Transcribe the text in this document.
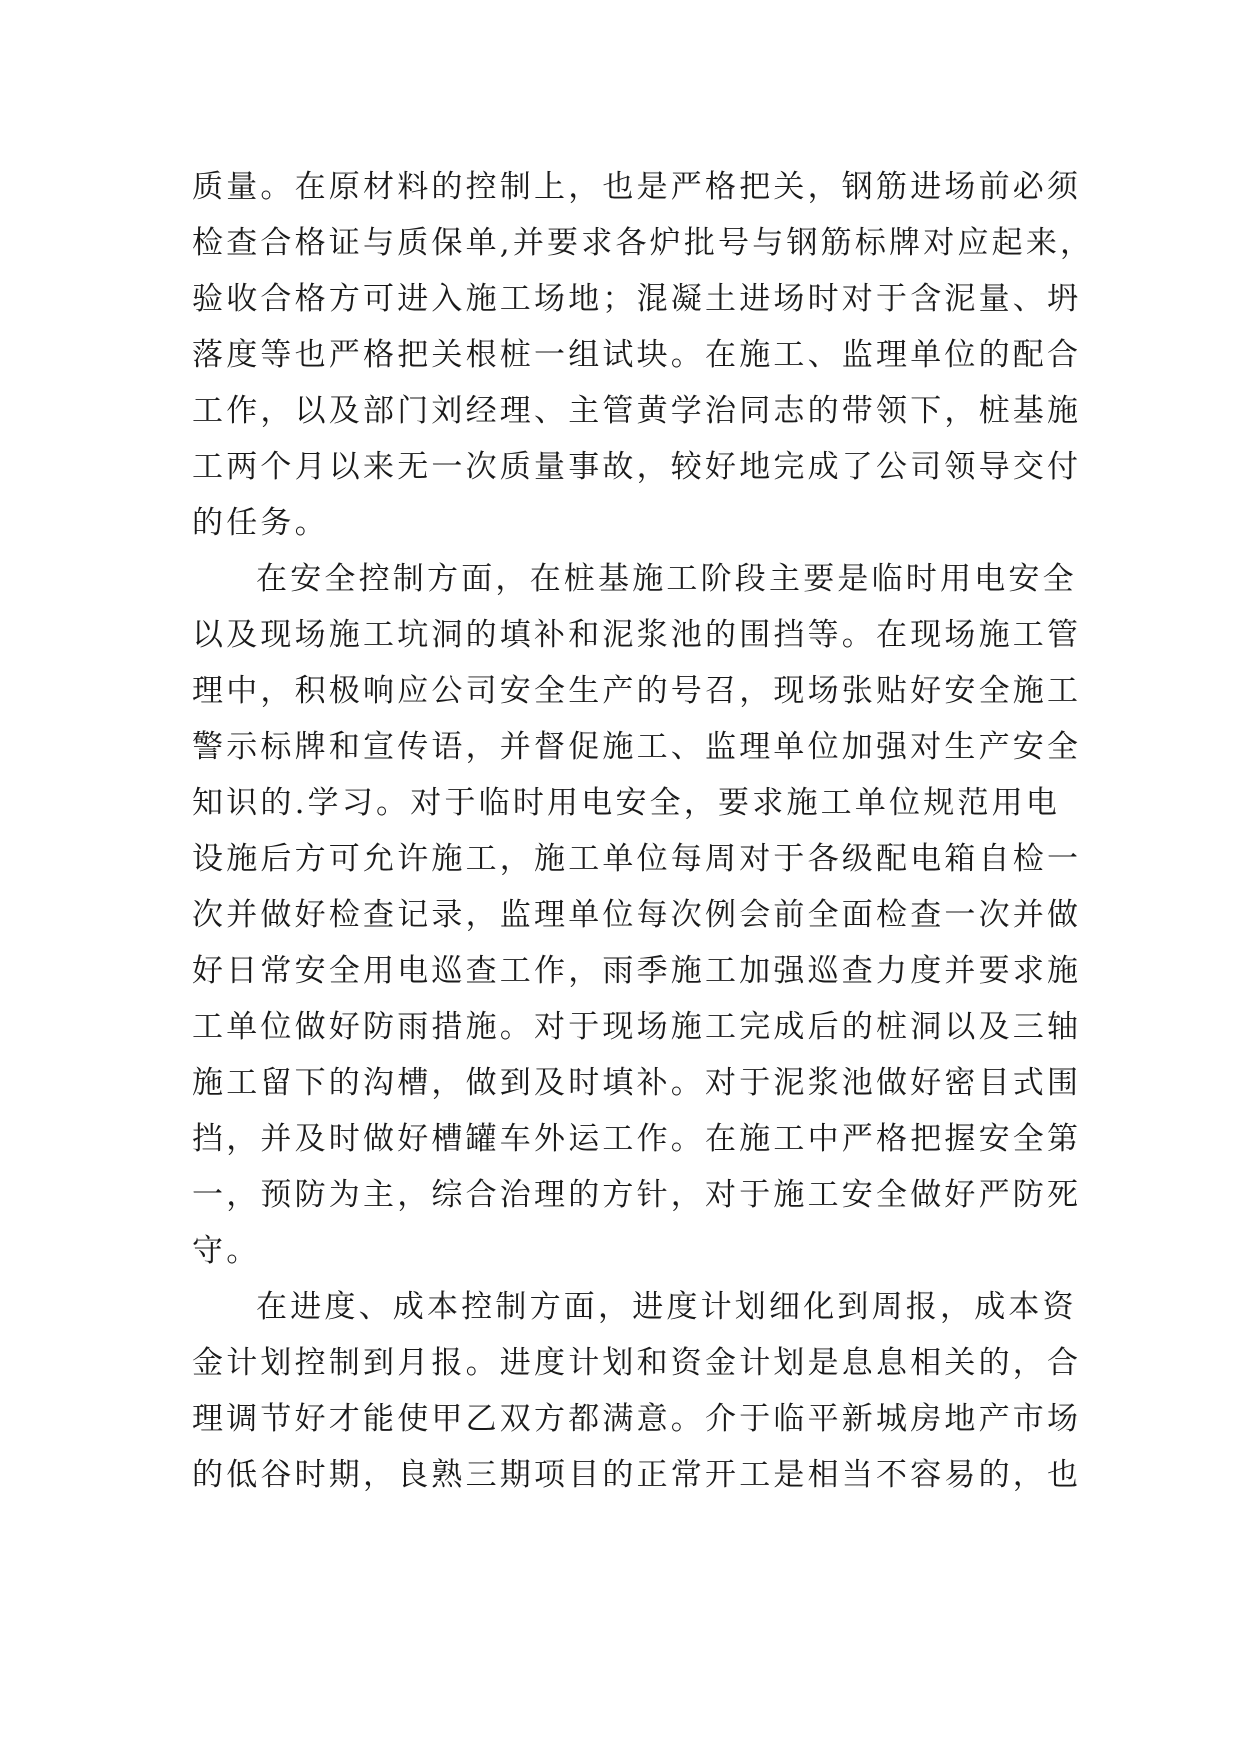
质量。在原材料的控制上，也是严格把关，钢筋进场前必须
检查合格证与质保单,并要求各炉批号与钢筋标牌对应起来，
验收合格方可进入施工场地；混凝土进场时对于含泥量、坍
落度等也严格把关根桩一组试块。在施工、监理单位的配合
工作，以及部门刘经理、主管黄学治同志的带领下，桩基施
工两个月以来无一次质量事故，较好地完成了公司领导交付
的任务。
在安全控制方面，在桩基施工阶段主要是临时用电安全
以及现场施工坑洞的填补和泥浆池的围挡等。在现场施工管
理中，积极响应公司安全生产的号召，现场张贴好安全施工
警示标牌和宣传语，并督促施工、监理单位加强对生产安全
知识的.学习。对于临时用电安全，要求施工单位规范用电
设施后方可允许施工，施工单位每周对于各级配电箱自检一
次并做好检查记录，监理单位每次例会前全面检查一次并做
好日常安全用电巡查工作，雨季施工加强巡查力度并要求施
工单位做好防雨措施。对于现场施工完成后的桩洞以及三轴
施工留下的沟槽，做到及时填补。对于泥浆池做好密目式围
挡，并及时做好槽罐车外运工作。在施工中严格把握安全第
一，预防为主，综合治理的方针，对于施工安全做好严防死
守。
在进度、成本控制方面，进度计划细化到周报，成本资
金计划控制到月报。进度计划和资金计划是息息相关的，合
理调节好才能使甲乙双方都满意。介于临平新城房地产市场
的低谷时期，良熟三期项目的正常开工是相当不容易的，也
